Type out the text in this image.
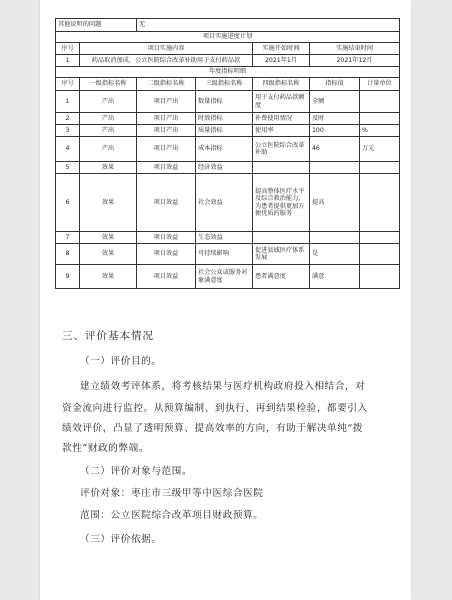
其他说明的问题		无				
项目实施进度计划						
序号	项目实施内容			实施开始时间	实施结束时间	
1	药品取消加成，公立医院综合改革补助用于支付药品款			2021年1月	2021年12月	
年度指标明细						
序号	一级指标名称	二级指标名称	三级指标名称	四级指标名称	指标值	计量单位
1	产出	项目产出	数量指标	用于支付药品款额度	全额	
2	产出	项目产出	时效指标	补费使用情况	及时	
3	产出	项目产出	质量指标	使用率	100	%
4	产出	项目产出	成本指标	公立医院综合改革补助	46	万元
5	效果	项目效益	经济效益			
6	效果	项目效益	社会效益	提高整体医疗水平及综合救治能力，为患者提供更加方便优质的服务	提高	
7	效果	项目效益	生态效益			
8	效果	项目效益	可持续影响	促进县域医疗体系发展	是	
9	效果	项目效益	社会公众或服务对象满意度	患者满意度	满意	
三、评价基本情况
（一）评价目的。
建立绩效考评体系，将考核结果与医疗机构政府投入相结合，对
资金流向进行监控。从预算编制、到执行、再到结果检验，都要引入
绩效评价，凸显了透明预算、提高效率的方向，有助于解决单纯“拨
款性”财政的弊端。
（二）评价对象与范围。
评价对象：枣庄市三级甲等中医综合医院
范围：公立医院综合改革项目财政预算。
（三）评价依据。
